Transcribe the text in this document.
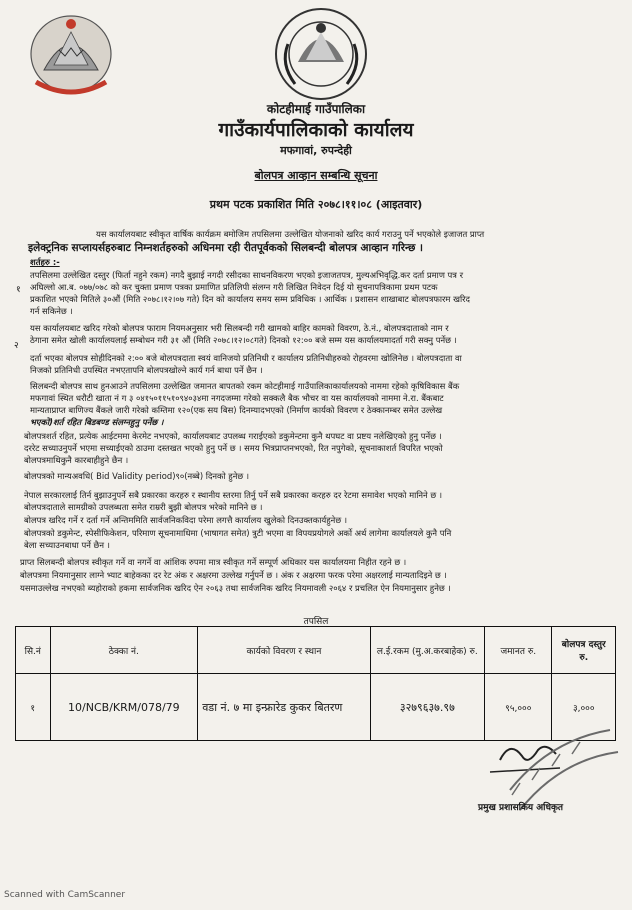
कोटहीमाई गाउँपालिका
गाउँकार्यपालिकाको कार्यालय
मफगावां, रुपन्देही
बोलपत्र आव्हान सम्बन्धि सूचना
प्रथम पटक प्रकाशित मिति २०७८।११।०८ (आइतवार)
यस कार्यालयबाट स्वीकृत वार्षिक कार्यक्रम बमोजिम तपसिलमा उल्लेखित योजनाको खरिद कार्य गराउनु पर्ने भएकोले इजाजत प्राप्त
इलेक्ट्रनिक सप्लायर्सहरुबाट निम्नशर्तहरुको अधिनमा रही रीतपूर्वकको सिलबन्दी बोलपत्र आव्हान गरिन्छ ।
शर्तहरु :-
१
तपसिलमा उल्लेखित दस्तुर (फिर्ता नहुने रकम) नगदै बुझाई नगदी रसीदका साथनविकरण भएको इजाजतपत्र, मुल्यअभिवृद्धि.कर दर्ता प्रमाण पत्र र
अघिल्लो आ.ब. ०७७/०७८ को कर चुक्ता प्रमाण पत्रका प्रमाणित प्रतिलिपी संलग्न गरी लिखित निवेदन दिई यो सुचनापत्रिकामा प्रथम पटक
प्रकाशित भएको मितिले ३०औं (मिति २०७८।१२।०७ गते) दिन को कार्यालय समय सम्म प्रविधिक । आर्थिक । प्रशासन शाखाबाट बोलपत्रफारम खरिद
गर्न सकिनेछ ।
२
यस कार्यालयबाट खरिद गरेको बोलपत्र फाराम नियमअनुसार भरी सिलबन्दी गरी खामको बाहिर कामको विवरण, ठे.नं., बोलपत्रदाताको नाम र
ठेगाना समेत खोली कार्यालयलाई सम्बोधन गरी ३१ औं (मिति २०७८।१२।०८गते) दिनको १२:०० बजे सम्म यस कार्यालयमादर्ता गरी सक्नु पर्नेछ ।
दर्ता भएका बोलपत्र सोहीदिनको २:०० बजे बोलपत्रदाता स्वयं वानिजयो प्रतिनिधी र कार्यालय प्रतिनिधीहरुको रोहवरमा खोलिनेछ । बोलपत्रदाता वा
निजको प्रतिनिधी उपस्थित नभएतापनि बोलपत्रखोल्ने कार्य गर्न बाधा पर्ने छैन ।
सिलबन्दी बोलपत्र साथ हुनआउने तपसिलमा उल्लेखित जमानत बापतको रकम कोटहीमाई गाउँपालिकाकार्यालयको नाममा रहेको कृषिविकास बैंक
मफगावां स्थित धरौटी खाता नं ग ३ ०४१५०११५१०९४०३४मा नगदजम्मा गरेको सक्कलै बैक भौचर वा यस कार्यालयको नाममा ने.रा. बैंकबाट
मान्यताप्राप्त बाणिज्य बैंकले जारी गरेको कम्तिमा १२०(एक सय बिस) दिनम्यादभएको (निर्माण कार्यको विवरण र ठेक्कानम्बर समेत उल्लेख
भएको)शर्त रहित बिडबण्ड संलग्नहुनु पर्नेछ ।
बोलपत्रशर्त रहित, प्रत्येक आईटममा केरमेट नभएको, कार्यालयबाट उपलब्ध गराईएको डकुमेन्टमा कुनै थपघट वा प्रष्टय नलेखिएको हुनु पर्नेछ ।
दररेट सच्याउनुपर्ने भएमा सच्याईएको ठाउमा दस्तखत भएको हुनु पर्ने छ । समय भित्रप्राप्तनभएको, रित नपुगेको, सूचनाकाशर्त विपरित भएको
बोलपत्रमाथिकुनै कारबाहीहुने छैन ।
बोलपत्रको मान्यअवधि( Bid Validity period)९०(नब्बे) दिनको हुनेछ ।
नेपाल सरकारलाई तिर्न बुझाउनुपर्ने सबै प्रकारका करहरु र स्थानीय स्तरमा तिर्नु पर्ने सबै प्रकारका करहरु दर रेटमा समावेश भएको मानिने छ ।
बोलपत्रदाताले सामग्रीको उपलब्धता समेत राम्ररी बुझी बोलपत्र भरेको मानिने छ ।
बोलपत्र खरिद गर्ने र दर्ता गर्ने अन्तिममिति सार्वजनिकविदा परेमा लगत्तै कार्यालय खुलेको दिनउक्तकार्यहुनेछ ।
बोलपत्रको डकुमेन्ट, स्पेसीफिकेशन, परिमाण सूचनामाधिमा (भाषागत समेत) त्रुटी भएमा वा विपयप्रयोगले अर्को अर्थ लागेमा कार्यालयले कुनै पनि
बेला सच्याउनबाधा पर्ने छैन ।
प्राप्त सिलबन्दी बोलपत्र स्वीकृत गर्ने वा नगर्ने वा आंशिक रुपमा मात्र स्वीकृत गर्ने सम्पूर्ण अधिकार यस कार्यालयमा निहीत रहने छ ।
बोलपत्रमा नियमानुसार लाग्ने भ्याट बाहेकका दर रेट अंक र अक्षरमा उल्लेख गर्नुपर्ने छ । अंक र अक्षरमा फरक परेमा अक्षरलाई मान्यतादिइने छ ।
यसमाउल्लेख नभएको ब्यहोराको हकमा सार्वजनिक खरिद ऐन २०६३ तथा सार्वजनिक खरिद नियमावली २०६४ र प्रचलित ऐन नियमानुसार हुनेछ ।
तपसिल
सि.नं	ठेक्का नं.	कार्यको विवरण र स्थान	ल.ई.रकम (मु.अ.करबाहेक) रु.	जमानत रु.	बोलपत्र दस्तुर रु.
१	10/NCB/KRM/078/79	वडा नं. ७ मा इन्फ्रारेड कुकर बितरण	३२७९६३७.९७	९५,०००	३,०००
प्रमुख प्रशासकिय अधिकृत
Scanned with CamScanner
